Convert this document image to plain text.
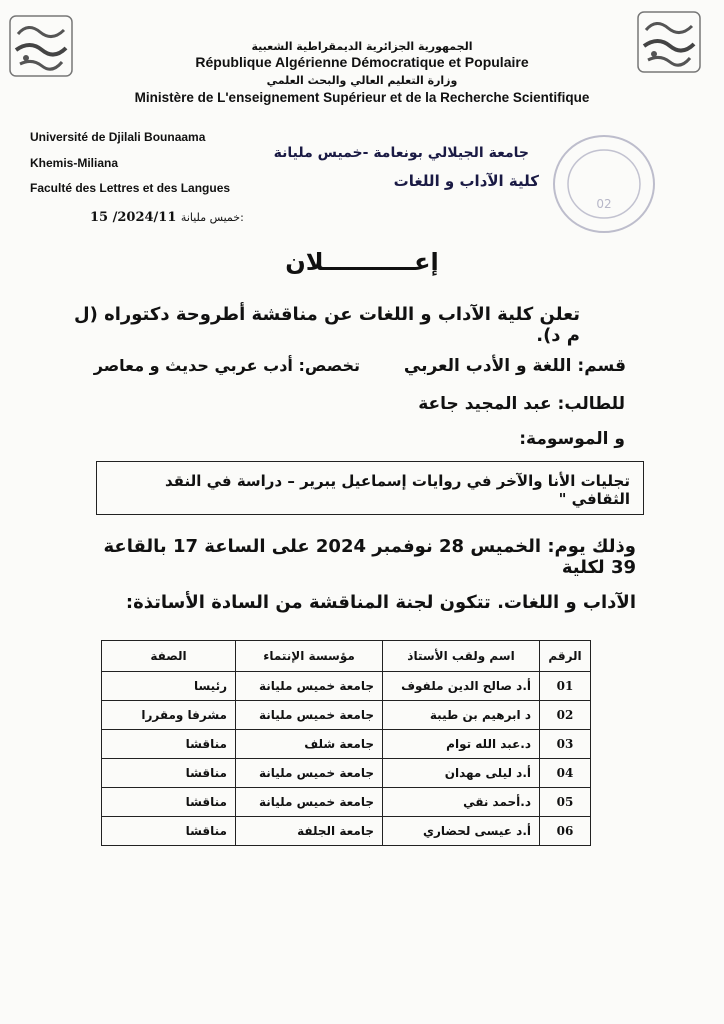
الجمهورية الجزائرية الديمقراطية الشعبية
République Algérienne Démocratique et Populaire
وزارة التعليم العالي والبحث العلمي
Ministère de L'enseignement Supérieur et de la Recherche Scientifique
Université de Djilali Bounaama
Khemis-Miliana
Faculté des Lettres et des Langues
15 /2024/11 خميس مليانة:
02
جامعة الجيلالي بونعامة -خميس مليانة
كلية الآداب و اللغات
إعـــــــــــلان
تعلن كلية الآداب و اللغات عن مناقشة أطروحة دكتوراه (ل م د).
قسم: اللغة و الأدب العربي
تخصص: أدب عربي حديث و معاصر
للطالب: عبد المجيد جاعة
و الموسومة:
تجليات الأنا والآخر في روايات إسماعيل يبرير – دراسة في النقد الثقافي "
وذلك يوم: الخميس 28 نوفمبر 2024 على الساعة 17 بالقاعة 39 لكلية
الآداب و اللغات. تتكون لجنة المناقشة من السادة الأساتذة:
الرقم	اسم ولقب الأستاذ	مؤسسة الإنتماء	الصفة
01	أ.د صالح الدين ملفوف	جامعة خميس مليانة	رئيسا
02	د ابرهيم بن طيبة	جامعة خميس مليانة	مشرفا ومقررا
03	د.عبد الله توام	جامعة شلف	مناقشا
04	أ.د ليلى مهدان	جامعة خميس مليانة	مناقشا
05	د.أحمد نقي	جامعة خميس مليانة	مناقشا
06	أ.د عيسى لحضاري	جامعة الجلفة	مناقشا
